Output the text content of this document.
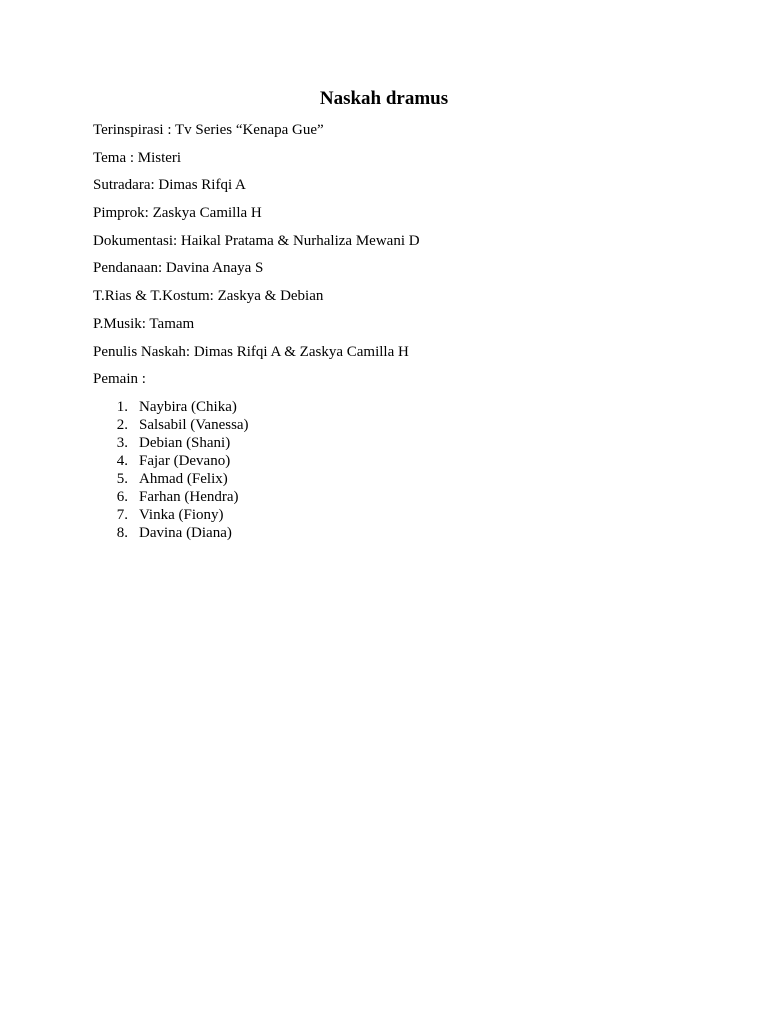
Naskah dramus
Terinspirasi : Tv Series “Kenapa Gue”
Tema : Misteri
Sutradara: Dimas Rifqi A
Pimprok: Zaskya Camilla H
Dokumentasi: Haikal Pratama & Nurhaliza Mewani D
Pendanaan: Davina Anaya S
T.Rias & T.Kostum: Zaskya & Debian
P.Musik: Tamam
Penulis Naskah: Dimas Rifqi A & Zaskya Camilla H
Pemain :
1. Naybira (Chika)
2. Salsabil (Vanessa)
3. Debian (Shani)
4. Fajar (Devano)
5. Ahmad (Felix)
6. Farhan (Hendra)
7. Vinka (Fiony)
8. Davina (Diana)
